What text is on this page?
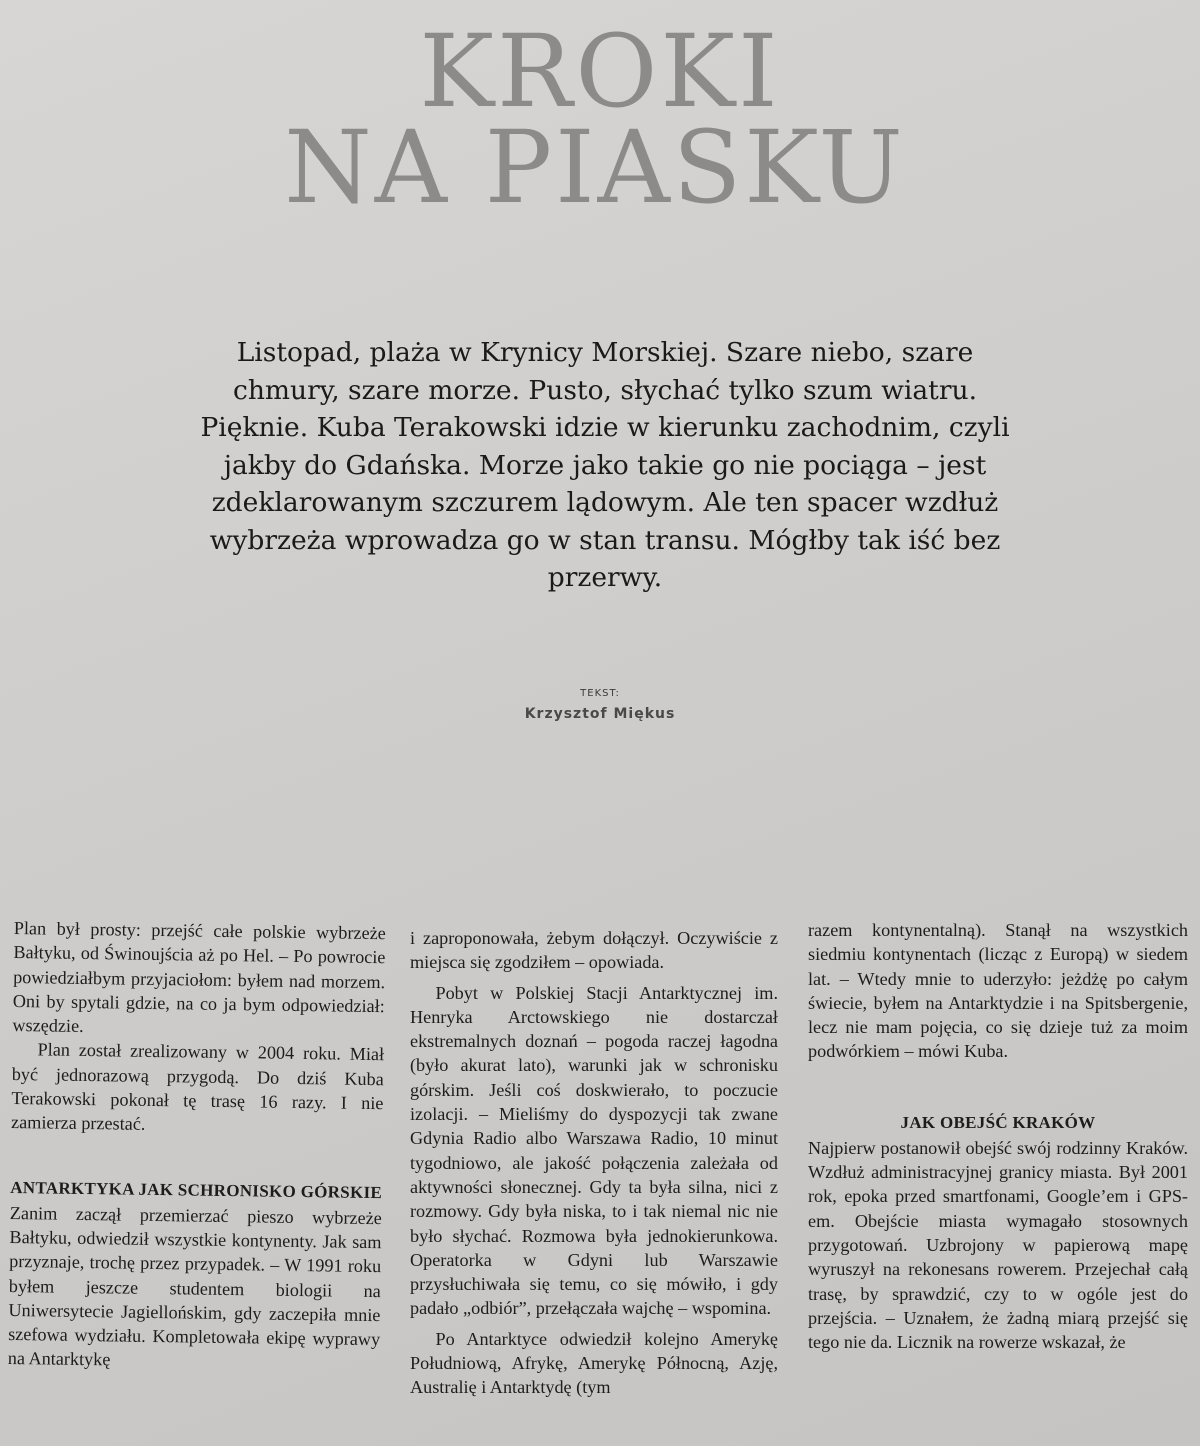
KROKI
NA PIASKU
Listopad, plaża w Krynicy Morskiej. Szare niebo, szare chmury, szare morze. Pusto, słychać tylko szum wiatru. Pięknie. Kuba Terakowski idzie w kierunku zachodnim, czyli jakby do Gdańska. Morze jako takie go nie pociąga – jest zdeklarowanym szczurem lądowym. Ale ten spacer wzdłuż wybrzeża wprowadza go w stan transu. Mógłby tak iść bez przerwy.
TEKST:
Krzysztof Miękus

Plan był prosty: przejść całe polskie wybrzeże Bałtyku, od Świnoujścia aż po Hel. – Po powrocie powiedziałbym przyjaciołom: byłem nad morzem. Oni by spytali gdzie, na co ja bym odpowiedział: wszędzie.

Plan został zrealizowany w 2004 roku. Miał być jednorazową przygodą. Do dziś Kuba Terakowski pokonał tę trasę 16 razy. I nie zamierza przestać.

ANTARKTYKA JAK SCHRONISKO GÓRSKIE

Zanim zaczął przemierzać pieszo wybrzeże Bałtyku, odwiedził wszystkie kontynenty. Jak sam przyznaje, trochę przez przypadek. – W 1991 roku byłem jeszcze studentem biologii na Uniwersytecie Jagiellońskim, gdy zaczepiła mnie szefowa wydziału. Kompletowała ekipę wyprawy na Antarktykę

i zaproponowała, żebym dołączył. Oczywiście z miejsca się zgodziłem – opowiada.

Pobyt w Polskiej Stacji Antarktycznej im. Henryka Arctowskiego nie dostarczał ekstremalnych doznań – pogoda raczej łagodna (było akurat lato), warunki jak w schronisku górskim. Jeśli coś doskwierało, to poczucie izolacji. – Mieliśmy do dyspozycji tak zwane Gdynia Radio albo Warszawa Radio, 10 minut tygodniowo, ale jakość połączenia zależała od aktywności słonecznej. Gdy ta była silna, nici z rozmowy. Gdy była niska, to i tak niemal nic nie było słychać. Rozmowa była jednokierunkowa. Operatorka w Gdyni lub Warszawie przysłuchiwała się temu, co się mówiło, i gdy padało „odbiór”, przełączała wajchę – wspomina.

Po Antarktyce odwiedził kolejno Amerykę Południową, Afrykę, Amerykę Północną, Azję, Australię i Antarktydę (tym

razem kontynentalną). Stanął na wszystkich siedmiu kontynentach (licząc z Europą) w siedem lat. – Wtedy mnie to uderzyło: jeżdżę po całym świecie, byłem na Antarktydzie i na Spitsbergenie, lecz nie mam pojęcia, co się dzieje tuż za moim podwórkiem – mówi Kuba.

JAK OBEJŚĆ KRAKÓW

Najpierw postanowił obejść swój rodzinny Kraków. Wzdłuż administracyjnej granicy miasta. Był 2001 rok, epoka przed smartfonami, Google’em i GPS-em. Obejście miasta wymagało stosownych przygotowań. Uzbrojony w papierową mapę wyruszył na rekonesans rowerem. Przejechał całą trasę, by sprawdzić, czy to w ogóle jest do przejścia. – Uznałem, że żadną miarą przejść się tego nie da. Licznik na rowerze wskazał, że
